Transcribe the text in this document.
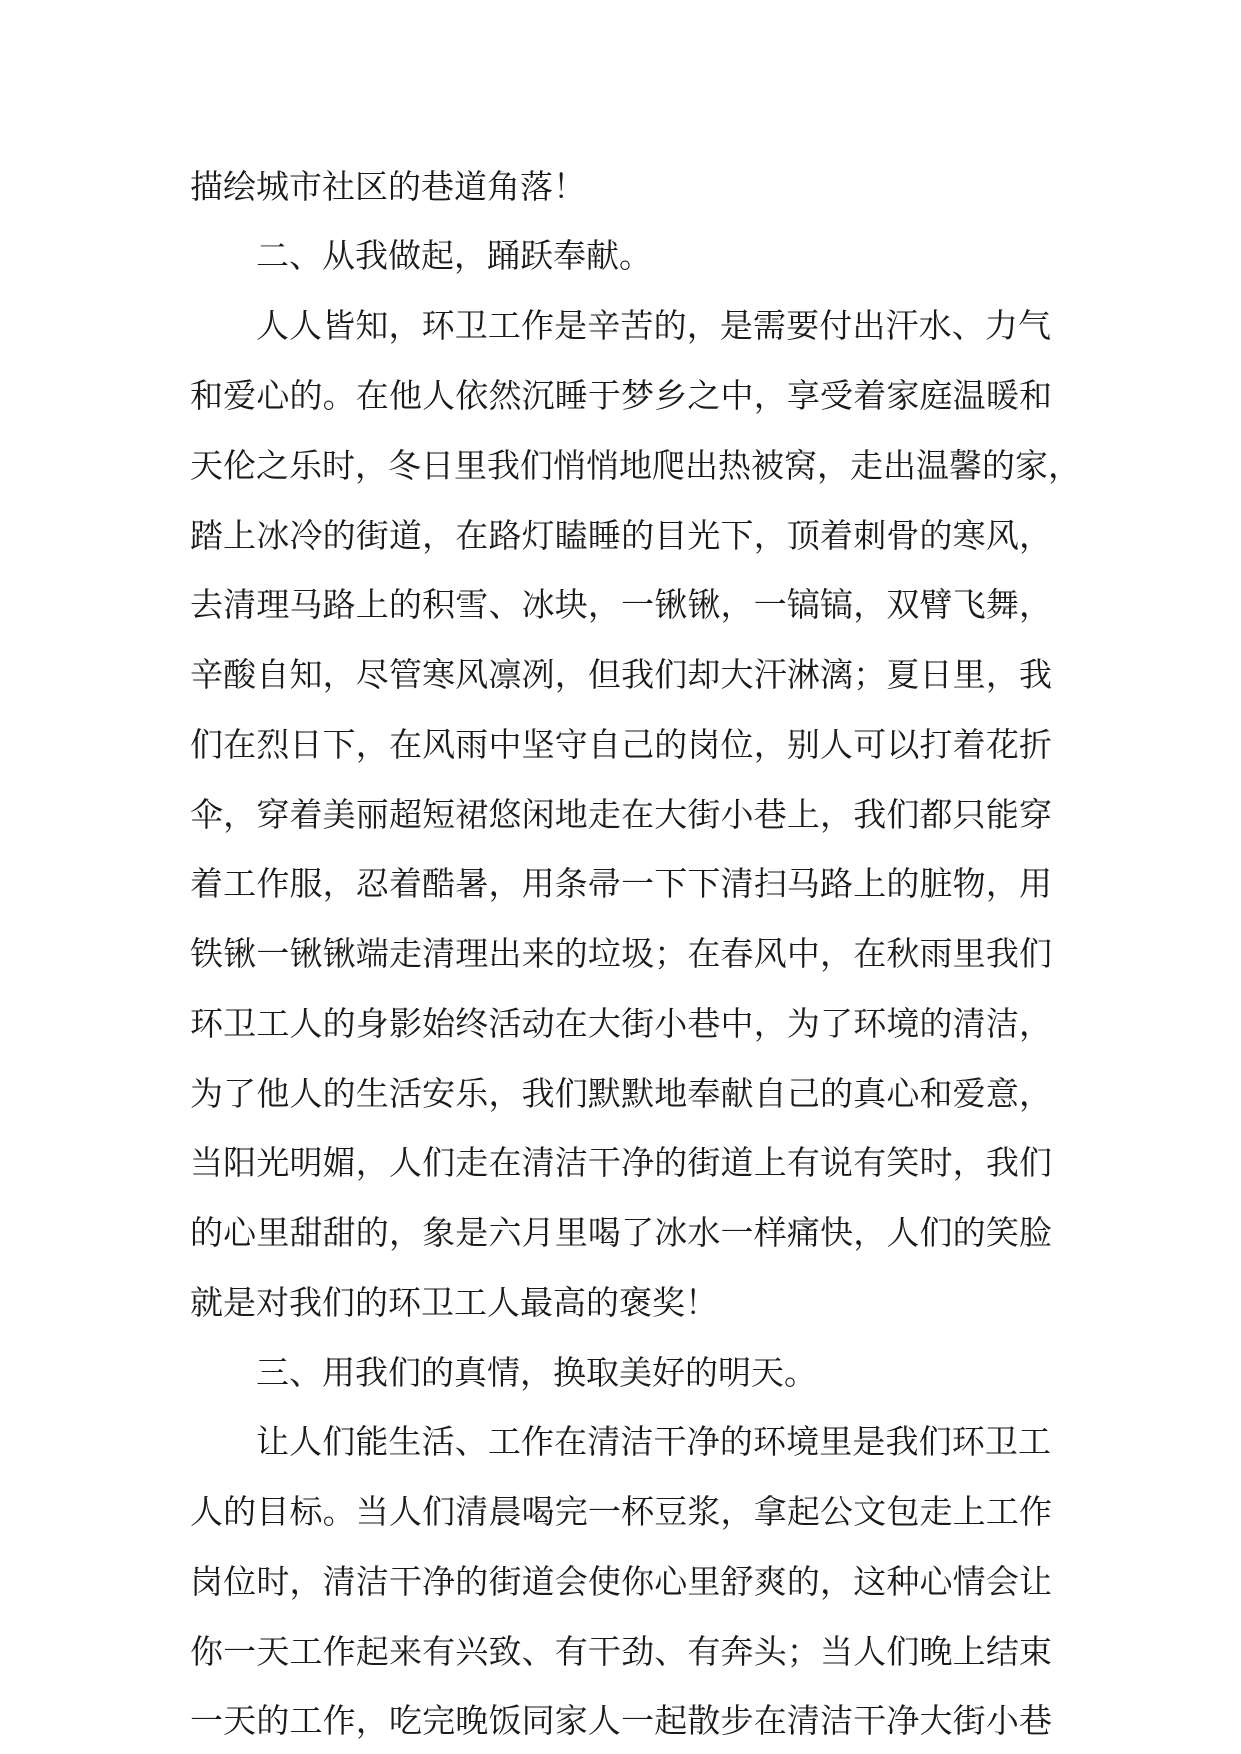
描绘城市社区的巷道角落！

二、从我做起，踊跃奉献。

人人皆知，环卫工作是辛苦的，是需要付出汗水、力气

和爱心的。在他人依然沉睡于梦乡之中，享受着家庭温暖和

天伦之乐时，冬日里我们悄悄地爬出热被窝，走出温馨的家，

踏上冰冷的街道，在路灯瞌睡的目光下，顶着刺骨的寒风，

去清理马路上的积雪、冰块，一锹锹，一镐镐，双臂飞舞，

辛酸自知，尽管寒风凛冽，但我们却大汗淋漓；夏日里，我

们在烈日下，在风雨中坚守自己的岗位，别人可以打着花折

伞，穿着美丽超短裙悠闲地走在大街小巷上，我们都只能穿

着工作服，忍着酷暑，用条帚一下下清扫马路上的脏物，用

铁锹一锹锹端走清理出来的垃圾；在春风中，在秋雨里我们

环卫工人的身影始终活动在大街小巷中，为了环境的清洁，

为了他人的生活安乐，我们默默地奉献自己的真心和爱意，

当阳光明媚，人们走在清洁干净的街道上有说有笑时，我们

的心里甜甜的，象是六月里喝了冰水一样痛快，人们的笑脸

就是对我们的环卫工人最高的褒奖！

三、用我们的真情，换取美好的明天。

让人们能生活、工作在清洁干净的环境里是我们环卫工

人的目标。当人们清晨喝完一杯豆浆，拿起公文包走上工作

岗位时，清洁干净的街道会使你心里舒爽的，这种心情会让

你一天工作起来有兴致、有干劲、有奔头；当人们晚上结束

一天的工作，吃完晚饭同家人一起散步在清洁干净大街小巷
